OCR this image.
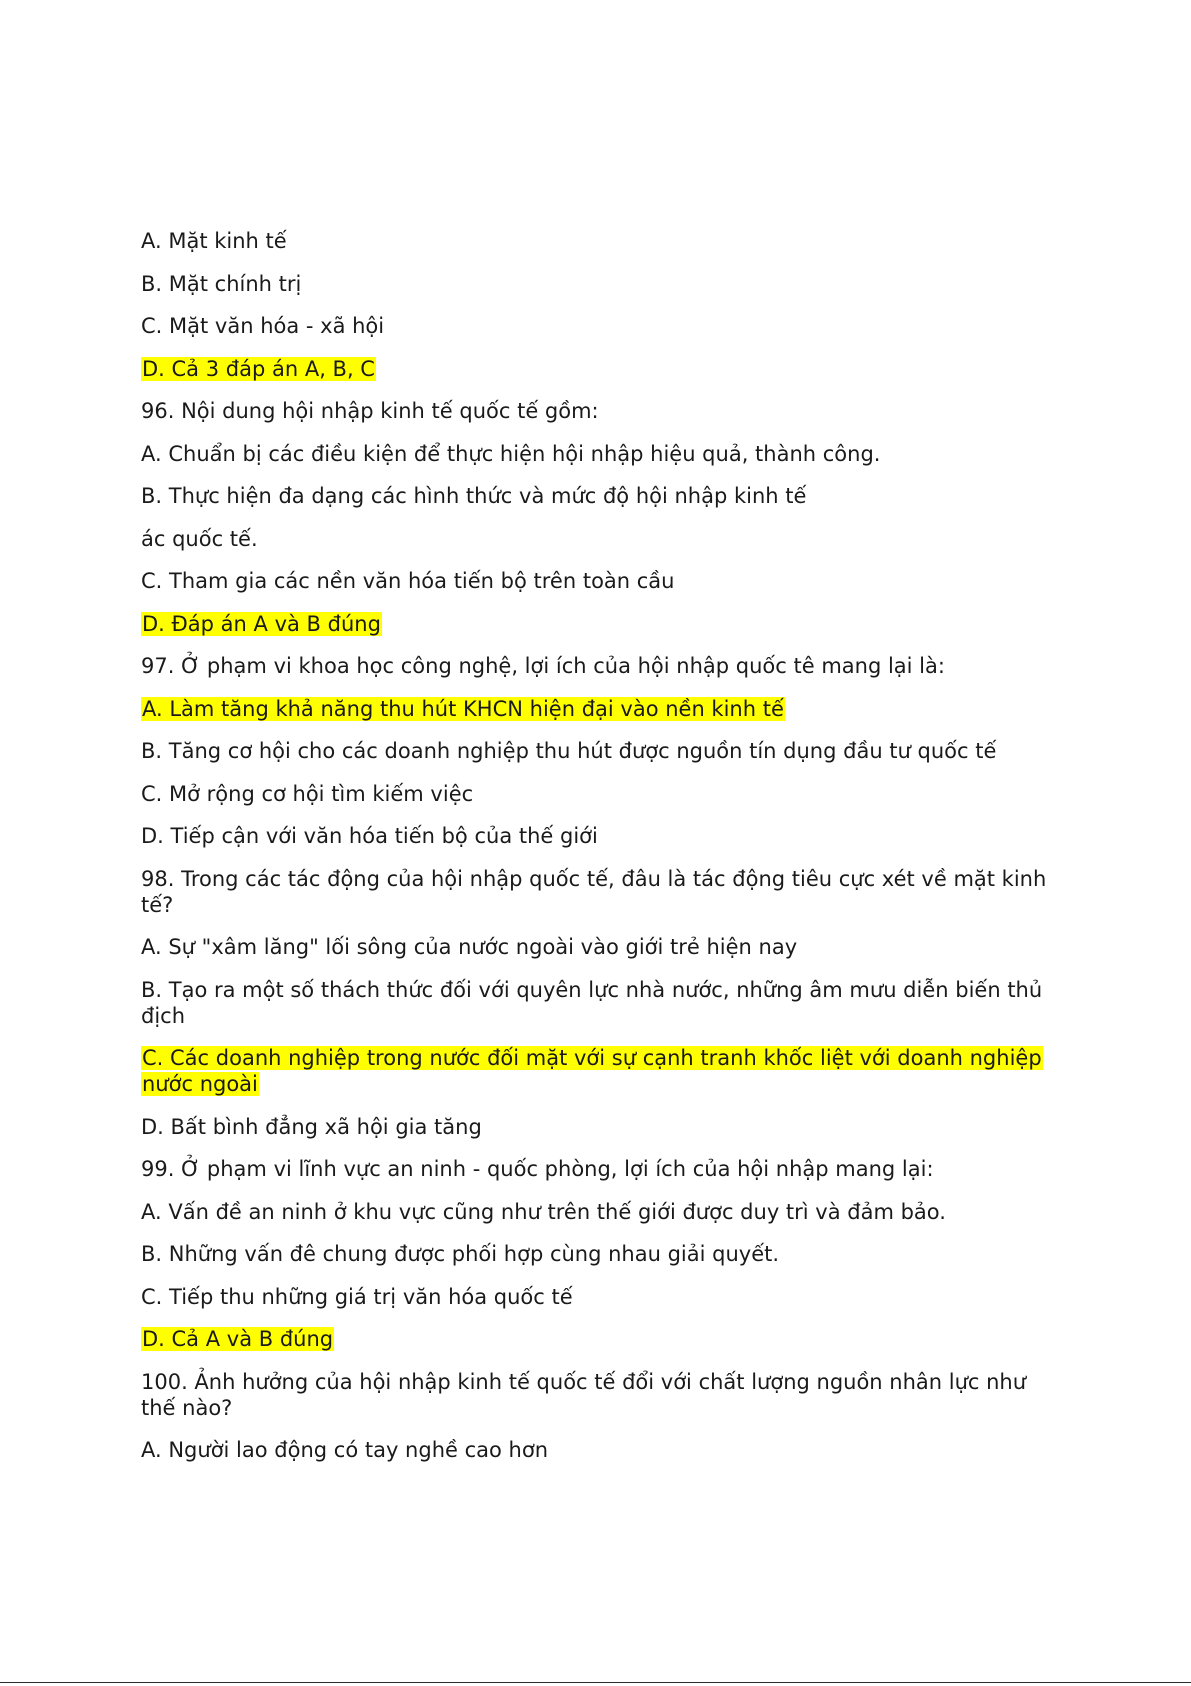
A. Mặt kinh tế
B. Mặt chính trị
C. Mặt văn hóa - xã hội
D. Cả 3 đáp án A, B, C
96. Nội dung hội nhập kinh tế quốc tế gồm:
A. Chuẩn bị các điều kiện để thực hiện hội nhập hiệu quả, thành công.
B. Thực hiện đa dạng các hình thức và mức độ hội nhập kinh tế
ác quốc tế.
C. Tham gia các nền văn hóa tiến bộ trên toàn cầu
D. Đáp án A và B đúng
97. Ở phạm vi khoa học công nghệ, lợi ích của hội nhập quốc tê mang lại là:
A. Làm tăng khả năng thu hút KHCN hiện đại vào nền kinh tế
B. Tăng cơ hội cho các doanh nghiệp thu hút được nguồn tín dụng đầu tư quốc tế
C. Mở rộng cơ hội tìm kiếm việc
D. Tiếp cận với văn hóa tiến bộ của thế giới
98. Trong các tác động của hội nhập quốc tế, đâu là tác động tiêu cực xét về mặt kinh tế?
A. Sự "xâm lăng" lối sông của nước ngoài vào giới trẻ hiện nay
B. Tạo ra một số thách thức đối với quyên lực nhà nước, những âm mưu diễn biến thủ địch
C. Các doanh nghiệp trong nước đối mặt với sự cạnh tranh khốc liệt với doanh nghiệp nước ngoài
D. Bất bình đẳng xã hội gia tăng
99. Ở phạm vi lĩnh vực an ninh - quốc phòng, lợi ích của hội nhập mang lại:
A. Vấn đề an ninh ở khu vực cũng như trên thế giới được duy trì và đảm bảo.
B. Những vấn đê chung được phối hợp cùng nhau giải quyết.
C. Tiếp thu những giá trị văn hóa quốc tế
D. Cả A và B đúng
100. Ảnh hưởng của hội nhập kinh tế quốc tế đổi với chất lượng nguồn nhân lực như thế nào?
A. Người lao động có tay nghề cao hơn
